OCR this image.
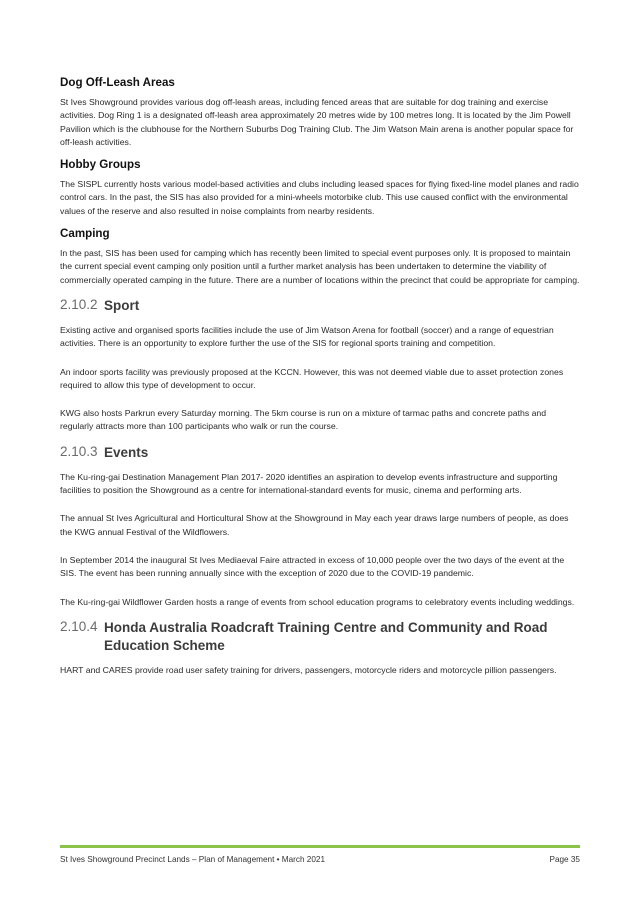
Dog Off-Leash Areas

St Ives Showground provides various dog off-leash areas, including fenced areas that are suitable for dog training and exercise activities. Dog Ring 1 is a designated off-leash area approximately 20 metres wide by 100 metres long. It is located by the Jim Powell Pavilion which is the clubhouse for the Northern Suburbs Dog Training Club. The Jim Watson Main arena is another popular space for off-leash activities.

Hobby Groups

The SISPL currently hosts various model-based activities and clubs including leased spaces for flying fixed-line model planes and radio control cars. In the past, the SIS has also provided for a mini-wheels motorbike club. This use caused conflict with the environmental values of the reserve and also resulted in noise complaints from nearby residents.

Camping

In the past, SIS has been used for camping which has recently been limited to special event purposes only. It is proposed to maintain the current special event camping only position until a further market analysis has been undertaken to determine the viability of commercially operated camping in the future. There are a number of locations within the precinct that could be appropriate for camping.

2.10.2 Sport

Existing active and organised sports facilities include the use of Jim Watson Arena for football (soccer) and a range of equestrian activities. There is an opportunity to explore further the use of the SIS for regional sports training and competition.

An indoor sports facility was previously proposed at the KCCN. However, this was not deemed viable due to asset protection zones required to allow this type of development to occur.

KWG also hosts Parkrun every Saturday morning. The 5km course is run on a mixture of tarmac paths and concrete paths and regularly attracts more than 100 participants who walk or run the course.

2.10.3 Events

The Ku-ring-gai Destination Management Plan 2017- 2020 identifies an aspiration to develop events infrastructure and supporting facilities to position the Showground as a centre for international-standard events for music, cinema and performing arts.

The annual St Ives Agricultural and Horticultural Show at the Showground in May each year draws large numbers of people, as does the KWG annual Festival of the Wildflowers.

In September 2014 the inaugural St Ives Mediaeval Faire attracted in excess of 10,000 people over the two days of the event at the SIS. The event has been running annually since with the exception of 2020 due to the COVID-19 pandemic.

The Ku-ring-gai Wildflower Garden hosts a range of events from school education programs to celebratory events including weddings.

2.10.4 Honda Australia Roadcraft Training Centre and Community and Road Education Scheme

HART and CARES provide road user safety training for drivers, passengers, motorcycle riders and motorcycle pillion passengers.

St Ives Showground Precinct Lands – Plan of Management • March 2021	Page 35
